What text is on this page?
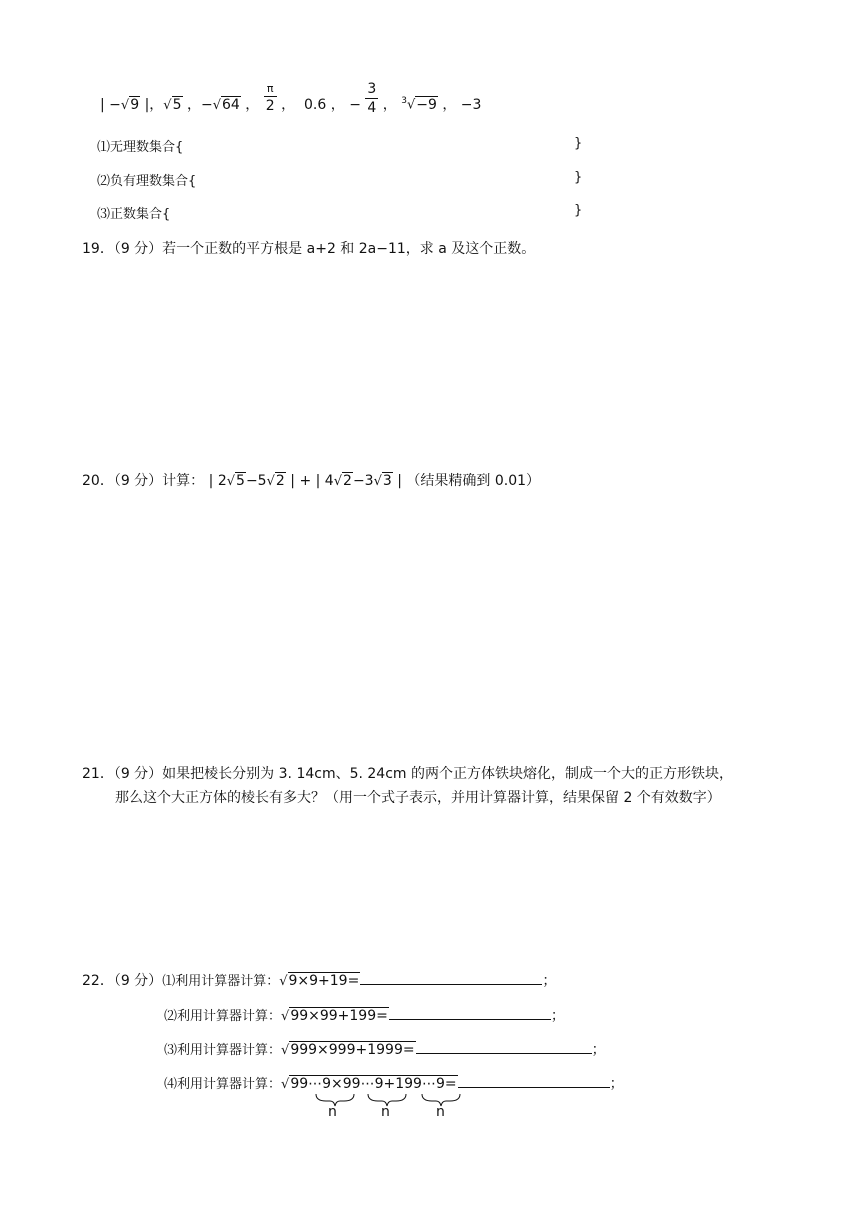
| −√9 |，√5 ，−√64 ， $\frac{\pi}{2}$ ， 0.6 ， − $\frac{3}{4}$ ， $^3$√−9 ， −3
⑴无理数集合{	}
⑵负有理数集合{	}
⑶正数集合{	}
19．（9 分）若一个正数的平方根是 a+2 和 2a−11，求 a 及这个正数。
20．（9 分）计算： | 2√5−5√2 | + | 4√2−3√3 | （结果精确到 0.01）
21．（9 分）如果把棱长分别为 3. 14cm、5. 24cm 的两个正方体铁块熔化，制成一个大的正方形铁块，
那么这个大正方体的棱长有多大？（用一个式子表示，并用计算器计算，结果保留 2 个有效数字）
22．（9 分）⑴利用计算器计算：√9×9+19=	；
⑵利用计算器计算：√99×99+199=	；
⑶利用计算器计算：√999×999+1999=	；
⑷利用计算器计算：√99⋯9×99⋯9+199⋯9=	；
n	n	n
